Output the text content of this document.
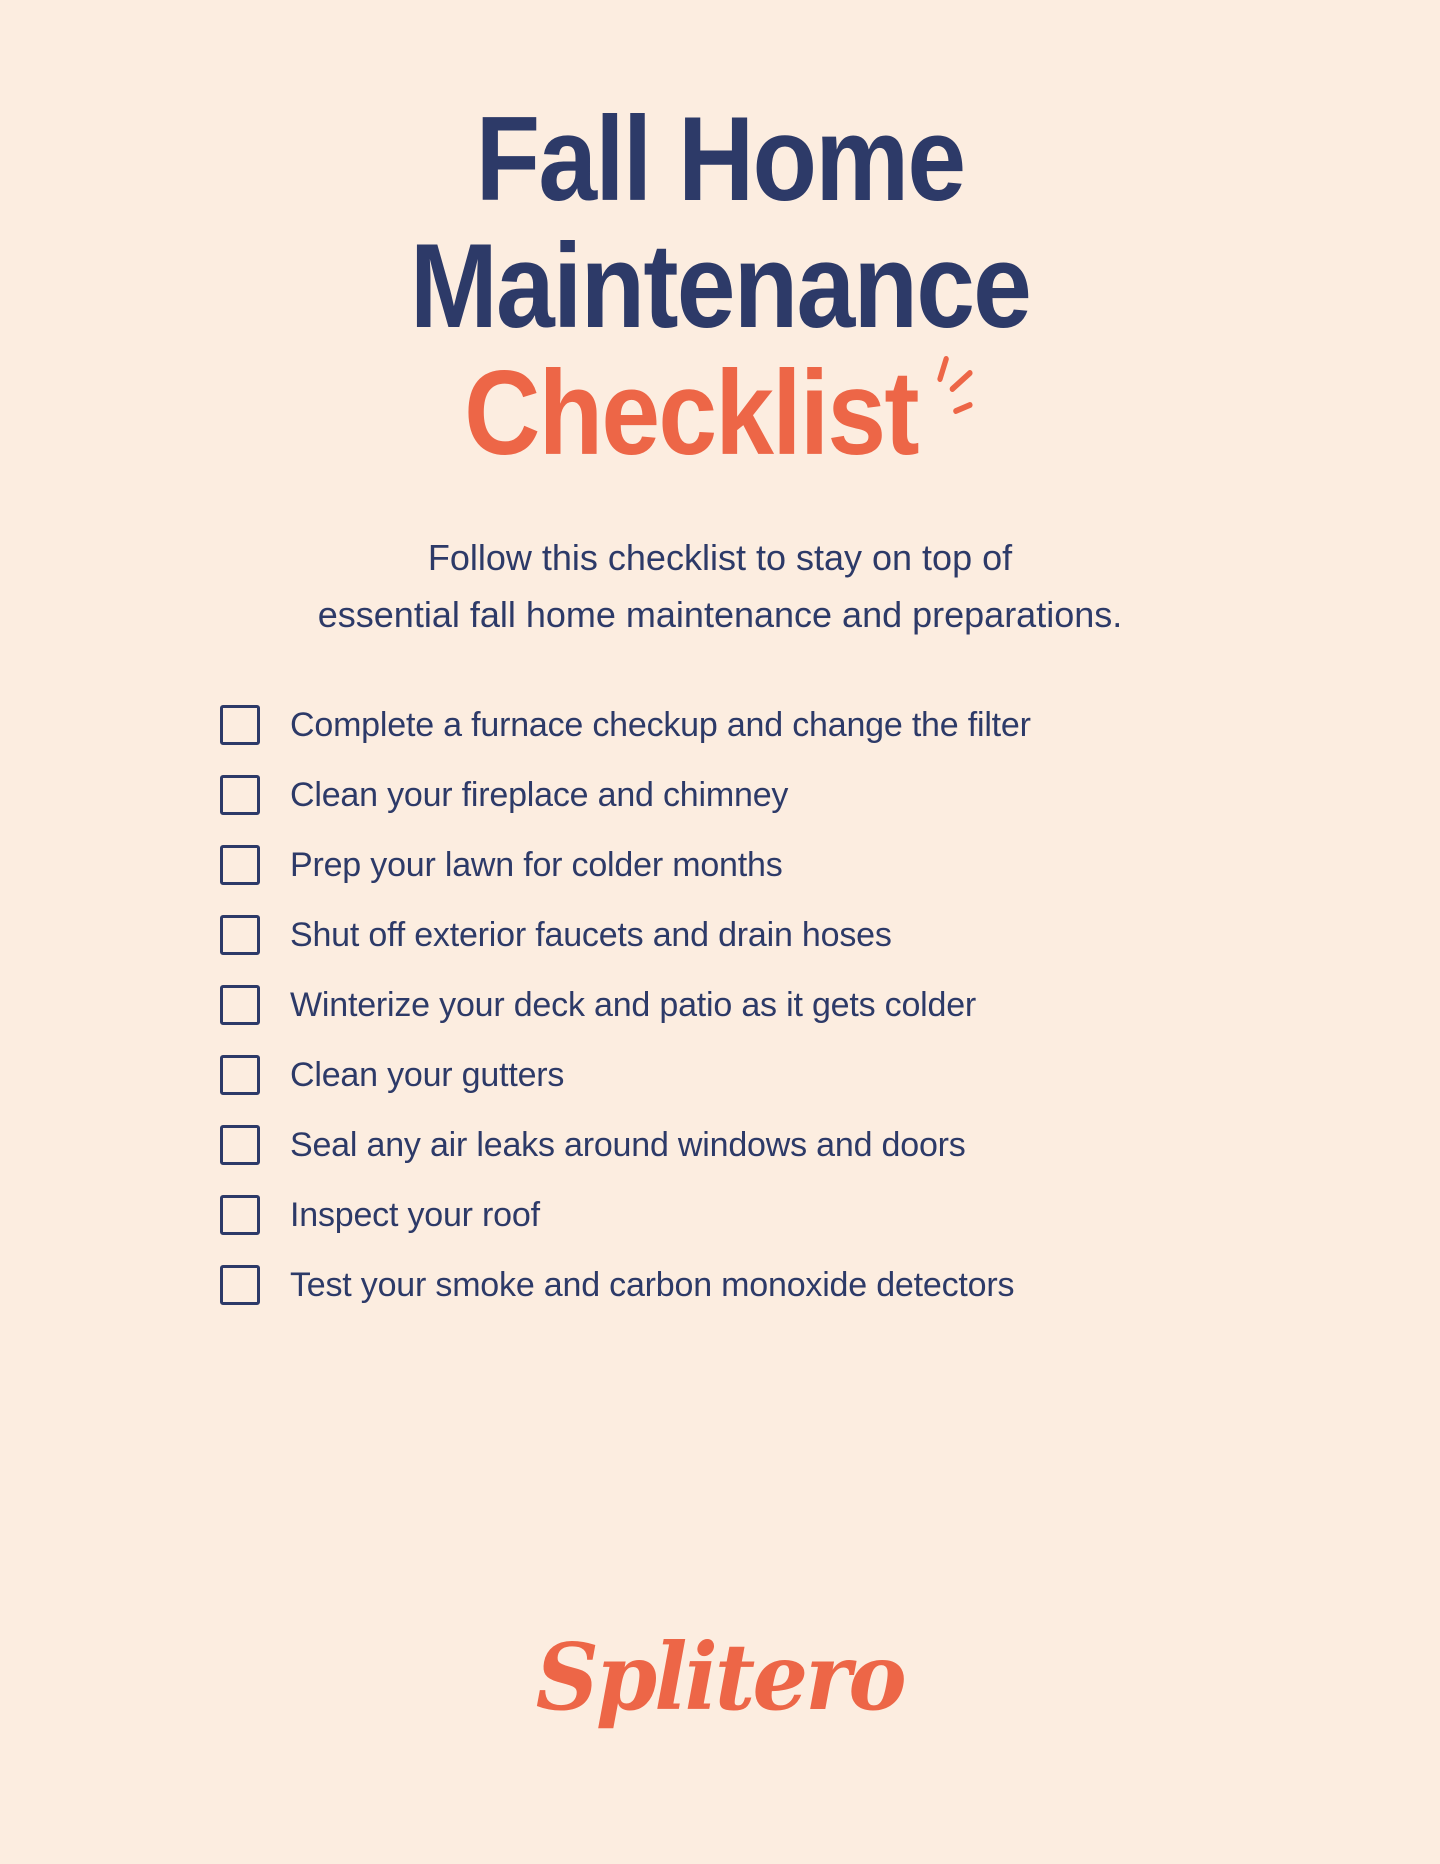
Fall Home
Maintenance
Checklist

Follow this checklist to stay on top of
essential fall home maintenance and preparations.

Complete a furnace checkup and change the filter
Clean your fireplace and chimney
Prep your lawn for colder months
Shut off exterior faucets and drain hoses
Winterize your deck and patio as it gets colder
Clean your gutters
Seal any air leaks around windows and doors
Inspect your roof
Test your smoke and carbon monoxide detectors
Splitero
